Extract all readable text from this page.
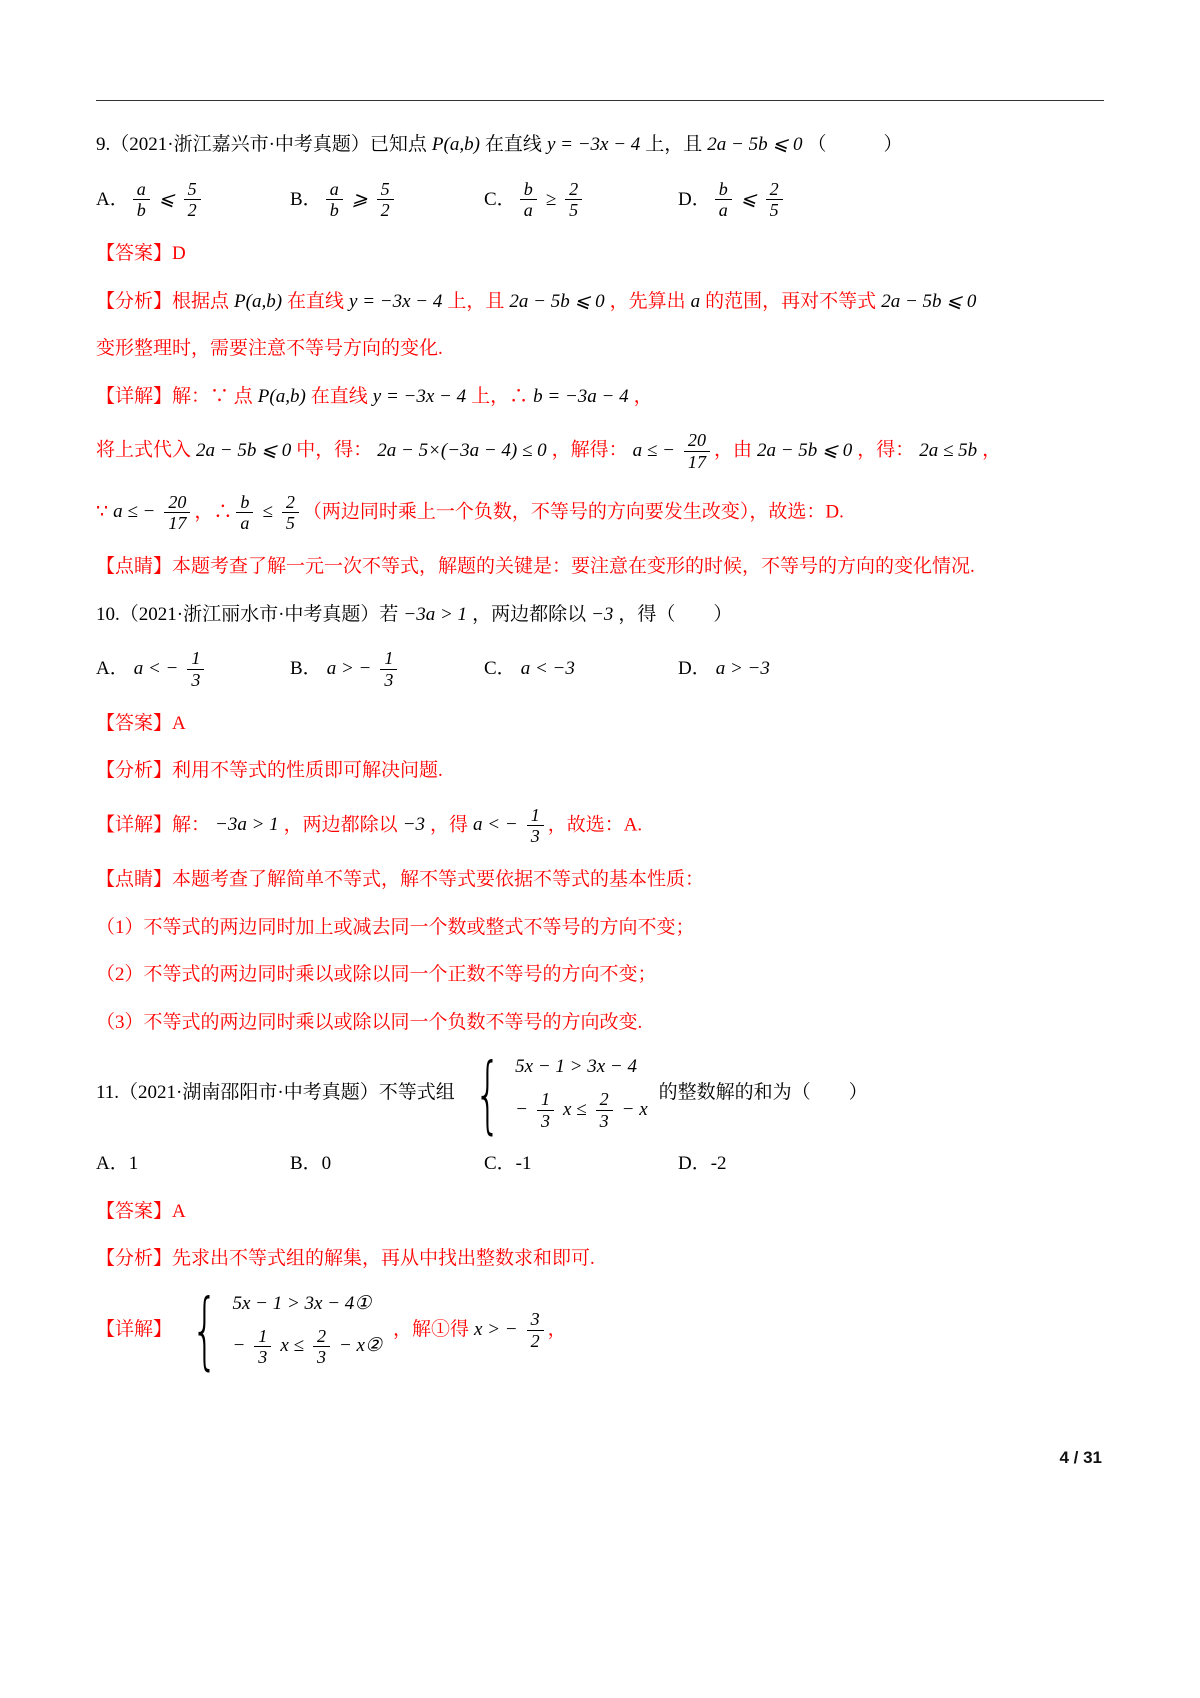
9.（2021·浙江嘉兴市·中考真题）已知点 P(a,b) 在直线 y = −3x − 4 上，且 2a − 5b ⩽ 0 （　　　）
A． $\frac{a}{b}$ ⩽ $\frac{5}{2}$	B． $\frac{a}{b}$ ⩾ $\frac{5}{2}$	C． $\frac{b}{a} \ge \frac{2}{5}$	D． $\frac{b}{a}$ ⩽ $\frac{2}{5}$
【答案】D
【分析】根据点 P(a,b) 在直线 y = −3x − 4 上，且 2a − 5b ⩽ 0 ，先算出 a 的范围，再对不等式 2a − 5b ⩽ 0
变形整理时，需要注意不等号方向的变化.
【详解】解：∵ 点 P(a,b) 在直线 y = −3x − 4 上，∴ b = −3a − 4 ，
将上式代入 2a − 5b ⩽ 0 中，得： 2a − 5×(−3a − 4) ≤ 0 ，解得： a ≤ − $\frac{20}{17}$ ，由 2a − 5b ⩽ 0 ，得： 2a ≤ 5b ，
∵ a ≤ − $\frac{20}{17}$ ，∴ $\frac{b}{a} \le \frac{2}{5}$ （两边同时乘上一个负数，不等号的方向要发生改变），故选：D.
【点睛】本题考查了解一元一次不等式，解题的关键是：要注意在变形的时候，不等号的方向的变化情况.
10.（2021·浙江丽水市·中考真题）若 −3a > 1 ，两边都除以 −3 ，得（　　）
A． a < − $\frac{1}{3}$	B． a > − $\frac{1}{3}$	C． a < −3	D． a > −3
【答案】A
【分析】利用不等式的性质即可解决问题.
【详解】解： −3a > 1 ，两边都除以 −3 ，得 a < − $\frac{1}{3}$ ，故选：A.
【点睛】本题考查了解简单不等式，解不等式要依据不等式的基本性质：
（1）不等式的两边同时加上或减去同一个数或整式不等号的方向不变；
（2）不等式的两边同时乘以或除以同一个正数不等号的方向不变；
（3）不等式的两边同时乘以或除以同一个负数不等号的方向改变.
11.（2021·湖南邵阳市·中考真题）不等式组 { 5x − 1 > 3x − 4
− $\frac{1}{3}$ $x \le \frac{2}{3} - x$
的整数解的和为（　　）
A．1	B．0	C．-1	D．-2
【答案】A
【分析】先求出不等式组的解集，再从中找出整数求和即可.
【详解】 { 5x − 1 > 3x − 4①
− $\frac{1}{3}$ $x \le \frac{2}{3}$ − x②
，解①得 x > − $\frac{3}{2}$ ，
4 / 31
